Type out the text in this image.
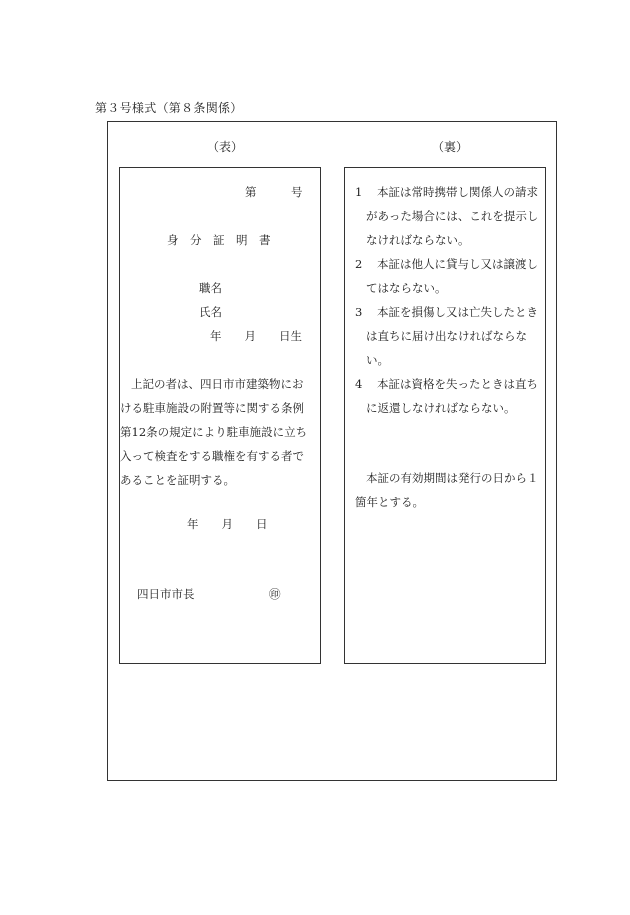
第３号様式（第８条関係）
（表）	（裏）
第　　　号
身　分　証　明　書
職名
氏名
年　　月　　日生
上記の者は、四日市市建築物にお
ける駐車施設の附置等に関する条例
第12条の規定により駐車施設に立ち
入って検査をする職権を有する者で
あることを証明する。
年　　月　　日
四日市市長	㊞
1 本証は常時携帯し関係人の請求
があった場合には、これを提示し
なければならない。
2 本証は他人に貸与し又は譲渡し
てはならない。
3 本証を損傷し又は亡失したとき
は直ちに届け出なければならな
い。
4 本証は資格を失ったときは直ち
に返還しなければならない。
本証の有効期間は発行の日から１
箇年とする。
